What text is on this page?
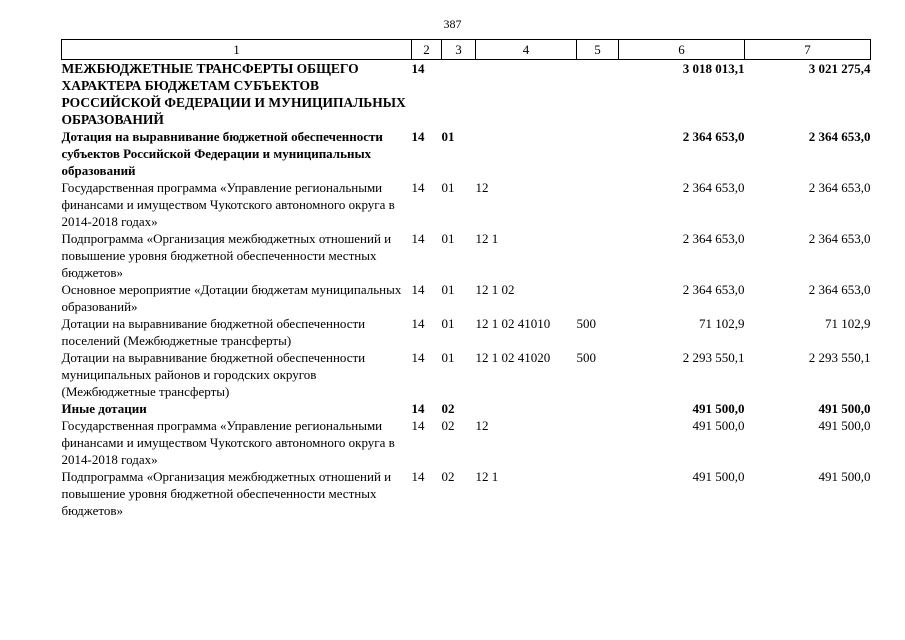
387
1	2	3	4	5	6	7
МЕЖБЮДЖЕТНЫЕ ТРАНСФЕРТЫ ОБЩЕГО ХАРАКТЕРА БЮДЖЕТАМ СУБЪЕКТОВ РОССИЙСКОЙ ФЕДЕРАЦИИ И МУНИЦИПАЛЬНЫХ ОБРАЗОВАНИЙ	14				3 018 013,1	3 021 275,4
Дотация на выравнивание бюджетной обеспеченности субъектов Российской Федерации и муниципальных образований	14	01			2 364 653,0	2 364 653,0
Государственная программа «Управление региональными финансами и имуществом Чукотского автономного округа в 2014-2018 годах»	14	01	12		2 364 653,0	2 364 653,0
Подпрограмма «Организация межбюджетных отношений и повышение уровня бюджетной обеспеченности местных бюджетов»	14	01	12 1		2 364 653,0	2 364 653,0
Основное мероприятие «Дотации бюджетам муниципальных образований»	14	01	12 1 02		2 364 653,0	2 364 653,0
Дотации на выравнивание бюджетной обеспеченности поселений (Межбюджетные трансферты)	14	01	12 1 02 41010	500	71 102,9	71 102,9
Дотации на выравнивание бюджетной обеспеченности муниципальных районов и городских округов (Межбюджетные трансферты)	14	01	12 1 02 41020	500	2 293 550,1	2 293 550,1
Иные дотации	14	02			491 500,0	491 500,0
Государственная программа «Управление региональными финансами и имуществом Чукотского автономного округа в 2014-2018 годах»	14	02	12		491 500,0	491 500,0
Подпрограмма «Организация межбюджетных отношений и повышение уровня бюджетной обеспеченности местных бюджетов»	14	02	12 1		491 500,0	491 500,0
